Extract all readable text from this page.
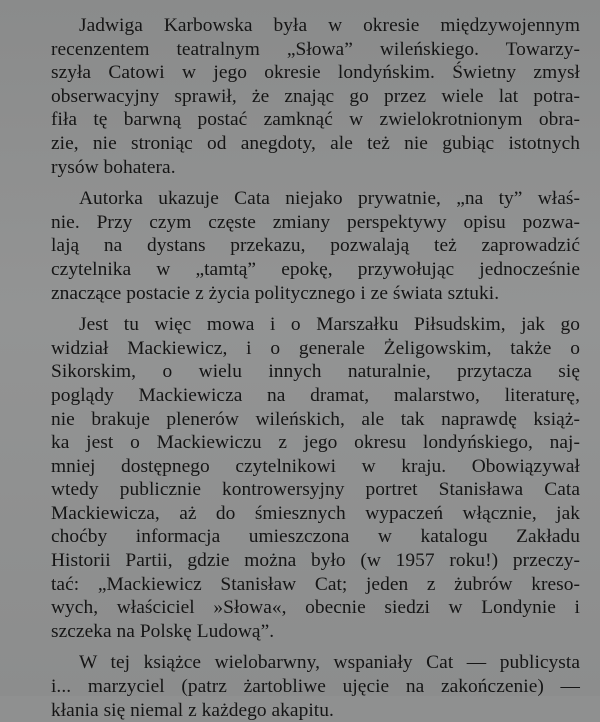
Jadwiga Karbowska była w okresie międzywojennym
recenzentem teatralnym „Słowa” wileńskiego. Towarzy-
szyła Catowi w jego okresie londyńskim. Świetny zmysł
obserwacyjny sprawił, że znając go przez wiele lat potra-
fiła tę barwną postać zamknąć w zwielokrotnionym obra-
zie, nie stroniąc od anegdoty, ale też nie gubiąc istotnych
rysów bohatera.

Autorka ukazuje Cata niejako prywatnie, „na ty” właś-
nie. Przy czym częste zmiany perspektywy opisu pozwa-
lają na dystans przekazu, pozwalają też zaprowadzić
czytelnika w „tamtą” epokę, przywołując jednocześnie
znaczące postacie z życia politycznego i ze świata sztuki.

Jest tu więc mowa i o Marszałku Piłsudskim, jak go
widział Mackiewicz, i o generale Żeligowskim, także o
Sikorskim, o wielu innych naturalnie, przytacza się
poglądy Mackiewicza na dramat, malarstwo, literaturę,
nie brakuje plenerów wileńskich, ale tak naprawdę książ-
ka jest o Mackiewiczu z jego okresu londyńskiego, naj-
mniej dostępnego czytelnikowi w kraju. Obowiązywał
wtedy publicznie kontrowersyjny portret Stanisława Cata
Mackiewicza, aż do śmiesznych wypaczeń włącznie, jak
choćby informacja umieszczona w katalogu Zakładu
Historii Partii, gdzie można było (w 1957 roku!) przeczy-
tać: „Mackiewicz Stanisław Cat; jeden z żubrów kreso-
wych, właściciel »Słowa«, obecnie siedzi w Londynie i
szczeka na Polskę Ludową”.

W tej książce wielobarwny, wspaniały Cat — publicysta
i... marzyciel (patrz żartobliwe ujęcie na zakończenie) —
kłania się niemal z każdego akapitu.
